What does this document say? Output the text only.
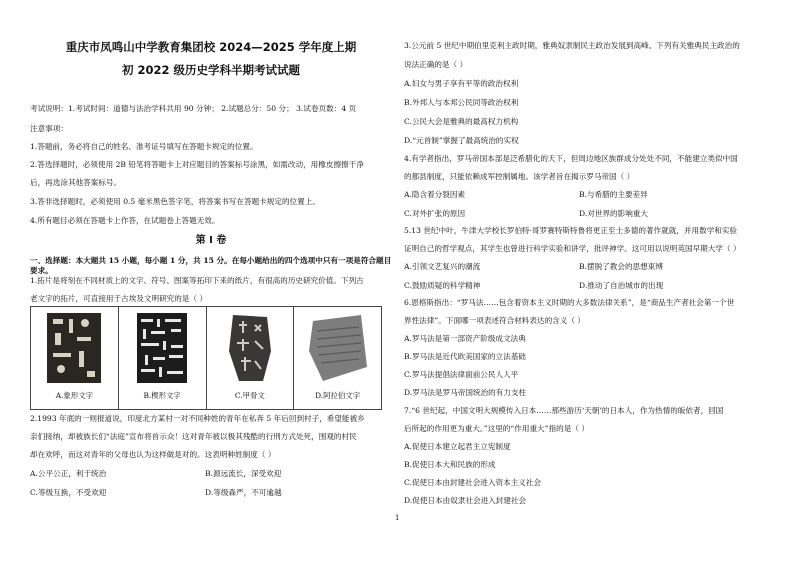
重庆市凤鸣山中学教育集团校 2024—2025 学年度上期
初 2022 级历史学科半期考试试题
考试说明：1.考试时间：道德与法治学科共用 90 分钟； 2.试题总分：50 分； 3.试卷页数：4 页
注意事项：
1.答题前，务必将自己的姓名、准考证号填写在答题卡规定的位置。
2.答选择题时，必须使用 2B 铅笔将答题卡上对应题目的答案标号涂黑，如需改动，用橡皮擦擦干净
后，再选涂其他答案标号。
3.答非选择题时，必须使用 0.5 毫米黑色签字笔，将答案书写在答题卡规定的位置上。
4.所有题目必须在答题卡上作答，在试题卷上答题无效。
第 I 卷
一、选择题：本大题共 15 小题，每小题 1 分，共 15 分。在每小题给出的四个选项中只有一项是符合题目要求。
1.拓片是将刻在不同材质上的文字、符号、图案等拓印下来的纸片，有很高的历史研究价值。下列古
老文字的拓片，可直接用于古埃及文明研究的是（ ）
2.1993 年底的一则报道说，印度北方某村一对不同种姓的青年在私奔 5 年后回到村子，希望能被乡
亲们接纳，却被族长们“法庭”宣布将首示众！这对青年被以极其残酷的行刑方式处死，围观的村民
却在欢呼，而这对青年的父母也认为这样做是对的。这表明种姓制度（ ）
A.公平公正，利于统治	B.源远流长，深受欢迎
C.等级互换，不受欢迎	D.等级森严，不可逾越
A.象形文字	B.楔形文字	C.甲骨文	D.阿拉伯文字
3.公元前 5 世纪中期伯里克利主政时期，雅典奴隶制民主政治发展到高峰。下列有关雅典民主政治的
说法正确的是（ ）
A.妇女与男子享有平等的政治权利
B.外邦人与本邦公民同等政治权利
C.公民大会是雅典的最高权力机构
D.“元首制”掌握了最高统治的实权
4.有学者指出，罗马帝国本部是泛希腊化的天下，但周边地区族群成分处处不同，不能建立类似中国
的都县制度，只能依赖成军控制属地。该学者旨在揭示罗马帝国（ ）
A.隐含着分裂因素	B.与希腊的主要差异
C.对外扩张的原因	D.对世界的影响重大
5.13 世纪中叶，牛津大学校长罗伯特·哥罗赛特斯特鲁将更正至士多德的著作就就，并用数学和实验
证明自己的哲学观点，其学生也曾进行科学实验和讲学，批评神学。这可用以说明英国早期大学（ ）
A.引领文艺复兴的潮流	B.摆脱了教会的思想束缚
C.鼓励质疑的科学精神	D.推动了自治城市的出现
6.恩格斯指出：“罗马法……包含着资本主义时期的大多数法律关系”，是“商品生产者社会第一个世
界性法律”。下面哪一项表述符合材料表达的含义（ ）
A.罗马法是第一部资产阶级成文法典
B.罗马法是近代欧美国家的立法基础
C.罗马法提倡法律面前公民人人平
D.罗马法是罗马帝国统治的有力支柱
7.“6 世纪起，中国文明大规模传入日本……那些游历‘天朝’的日本人，作为热情的皈依者，回国
后所起的作用更为重大。”这里的“作用重大”指的是（ ）
A.促使日本建立起君主立宪制度
B.促使日本大和民族的形成
C.促使日本由封建社会进入资本主义社会
D.促使日本由奴隶社会进入封建社会
1
